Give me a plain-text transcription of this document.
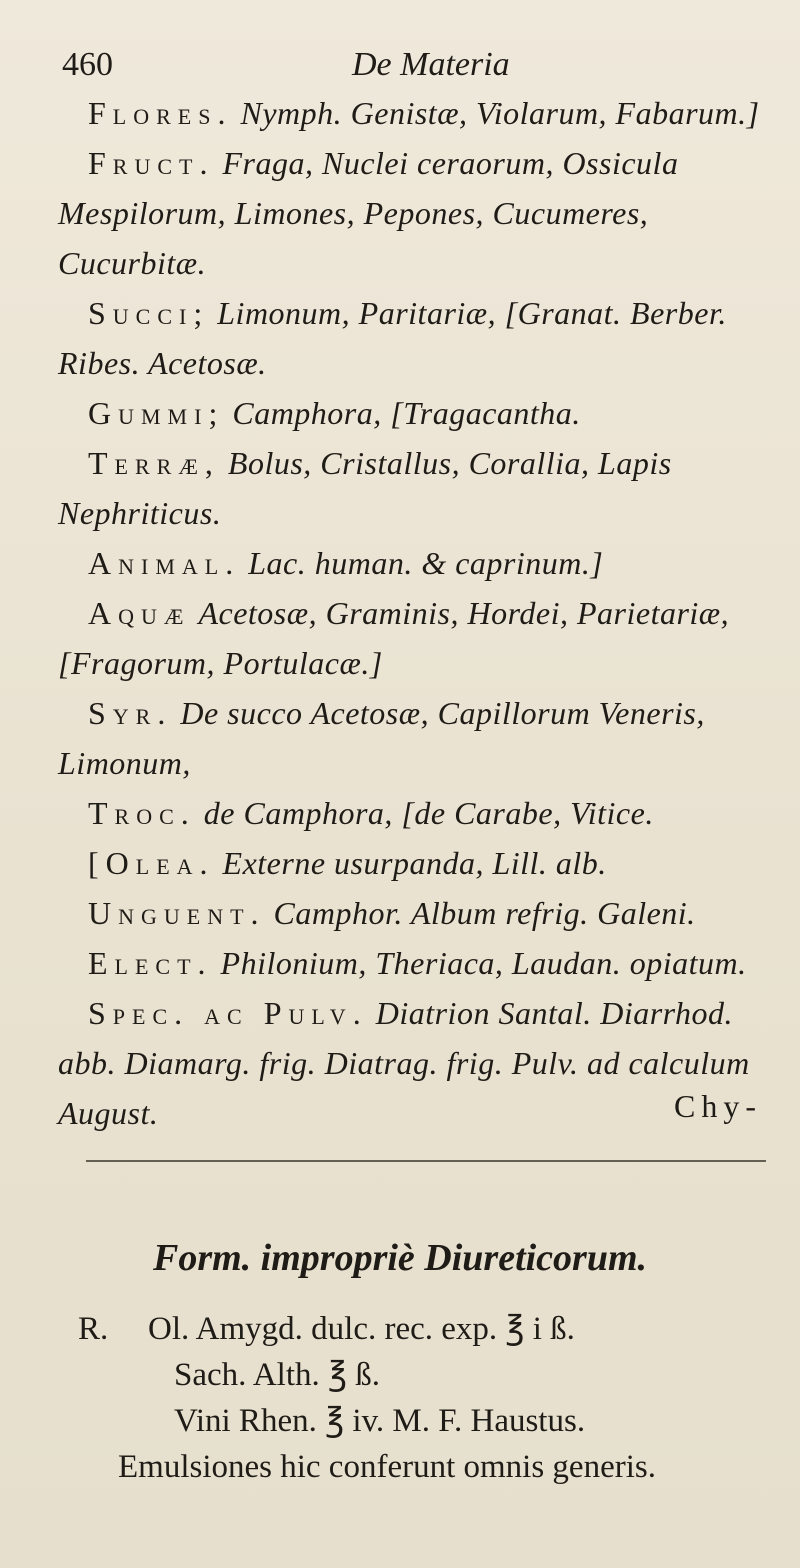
460	De Materia

Flores. Nymph. Genistæ, Violarum, Fabarum.]

Fruct. Fraga, Nuclei ceraorum, Ossicula Mespilorum, Limones, Pepones, Cucumeres, Cucurbitæ.

Succi; Limonum, Paritariæ, [Granat. Berber. Ribes. Acetosæ.

Gummi; Camphora, [Tragacantha.

Terræ, Bolus, Cristallus, Corallia, Lapis Nephriticus.

Animal. Lac. human. & caprinum.]

Aquæ Acetosæ, Graminis, Hordei, Parietariæ, [Fragorum, Portulacæ.]

Syr. De succo Acetosæ, Capillorum Veneris, Limonum,

Troc. de Camphora, [de Carabe, Vitice.

[Olea. Externe usurpanda, Lill. alb.

Unguent. Camphor. Album refrig. Galeni.

Elect. Philonium, Theriaca, Laudan. opiatum.

Spec. ac Pulv. Diatrion Santal. Diarrhod. abb. Diamarg. frig. Diatrag. frig. Pulv. ad calculum August.	Chy-
Form. impropriè Diureticorum.
R. Ol. Amygd. dulc. rec. exp. ℥ i ß.
Sach. Alth. ℥ ß.
Vini Rhen. ℥ iv. M. F. Haustus.
Emulsiones hic conferunt omnis generis.
